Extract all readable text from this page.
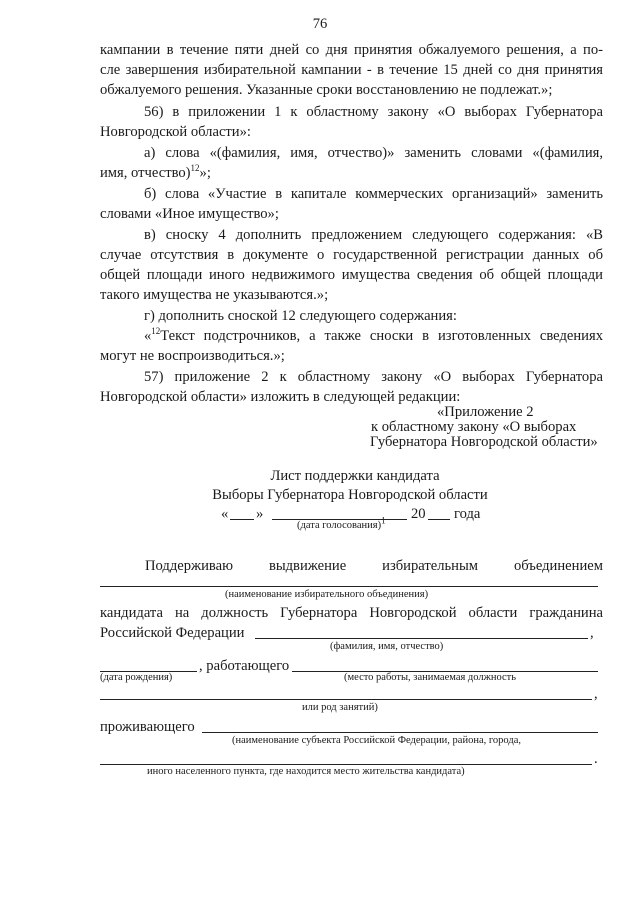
76
кампании в течение пяти дней со дня принятия обжалуемого решения, а по-
сле завершения избирательной кампании - в течение 15 дней со дня принятия
обжалуемого решения. Указанные сроки восстановлению не подлежат.»;
56) в приложении 1 к областному закону «О выборах Губернатора
Новгородской области»:
а) слова «(фамилия, имя, отчество)» заменить словами «(фамилия,
имя, отчество)$^{12}$»;
б) слова «Участие в капитале коммерческих организаций» заменить
словами «Иное имущество»;
в) сноску 4 дополнить предложением следующего содержания: «В
случае отсутствия в документе о государственной регистрации данных об
общей площади иного недвижимого имущества сведения об общей площади
такого имущества не указываются.»;
г) дополнить сноской 12 следующего содержания:
«$^{12}$ Текст подстрочников, а также сноски в изготовленных сведениях
могут не воспроизводиться.»;
57) приложение 2 к областному закону «О выборах Губернатора
Новгородской области» изложить в следующей редакции:
«Приложение 2
к областному закону «О выборах
Губернатора Новгородской области»
Лист поддержки кандидата
Выборы Губернатора Новгородской области
« »	20 года
(дата голосования)$^1$
Поддерживаю выдвижение избирательным объединением
(наименование избирательного объединения)
кандидата на должность Губернатора Новгородской области гражданина
Российской Федерации	,
(фамилия, имя, отчество)
, работающего
(дата рождения)	(место работы, занимаемая должность
,
или род занятий)
проживающего
(наименование субъекта Российской Федерации, района, города,
.
иного населенного пункта, где находится место жительства кандидата)
